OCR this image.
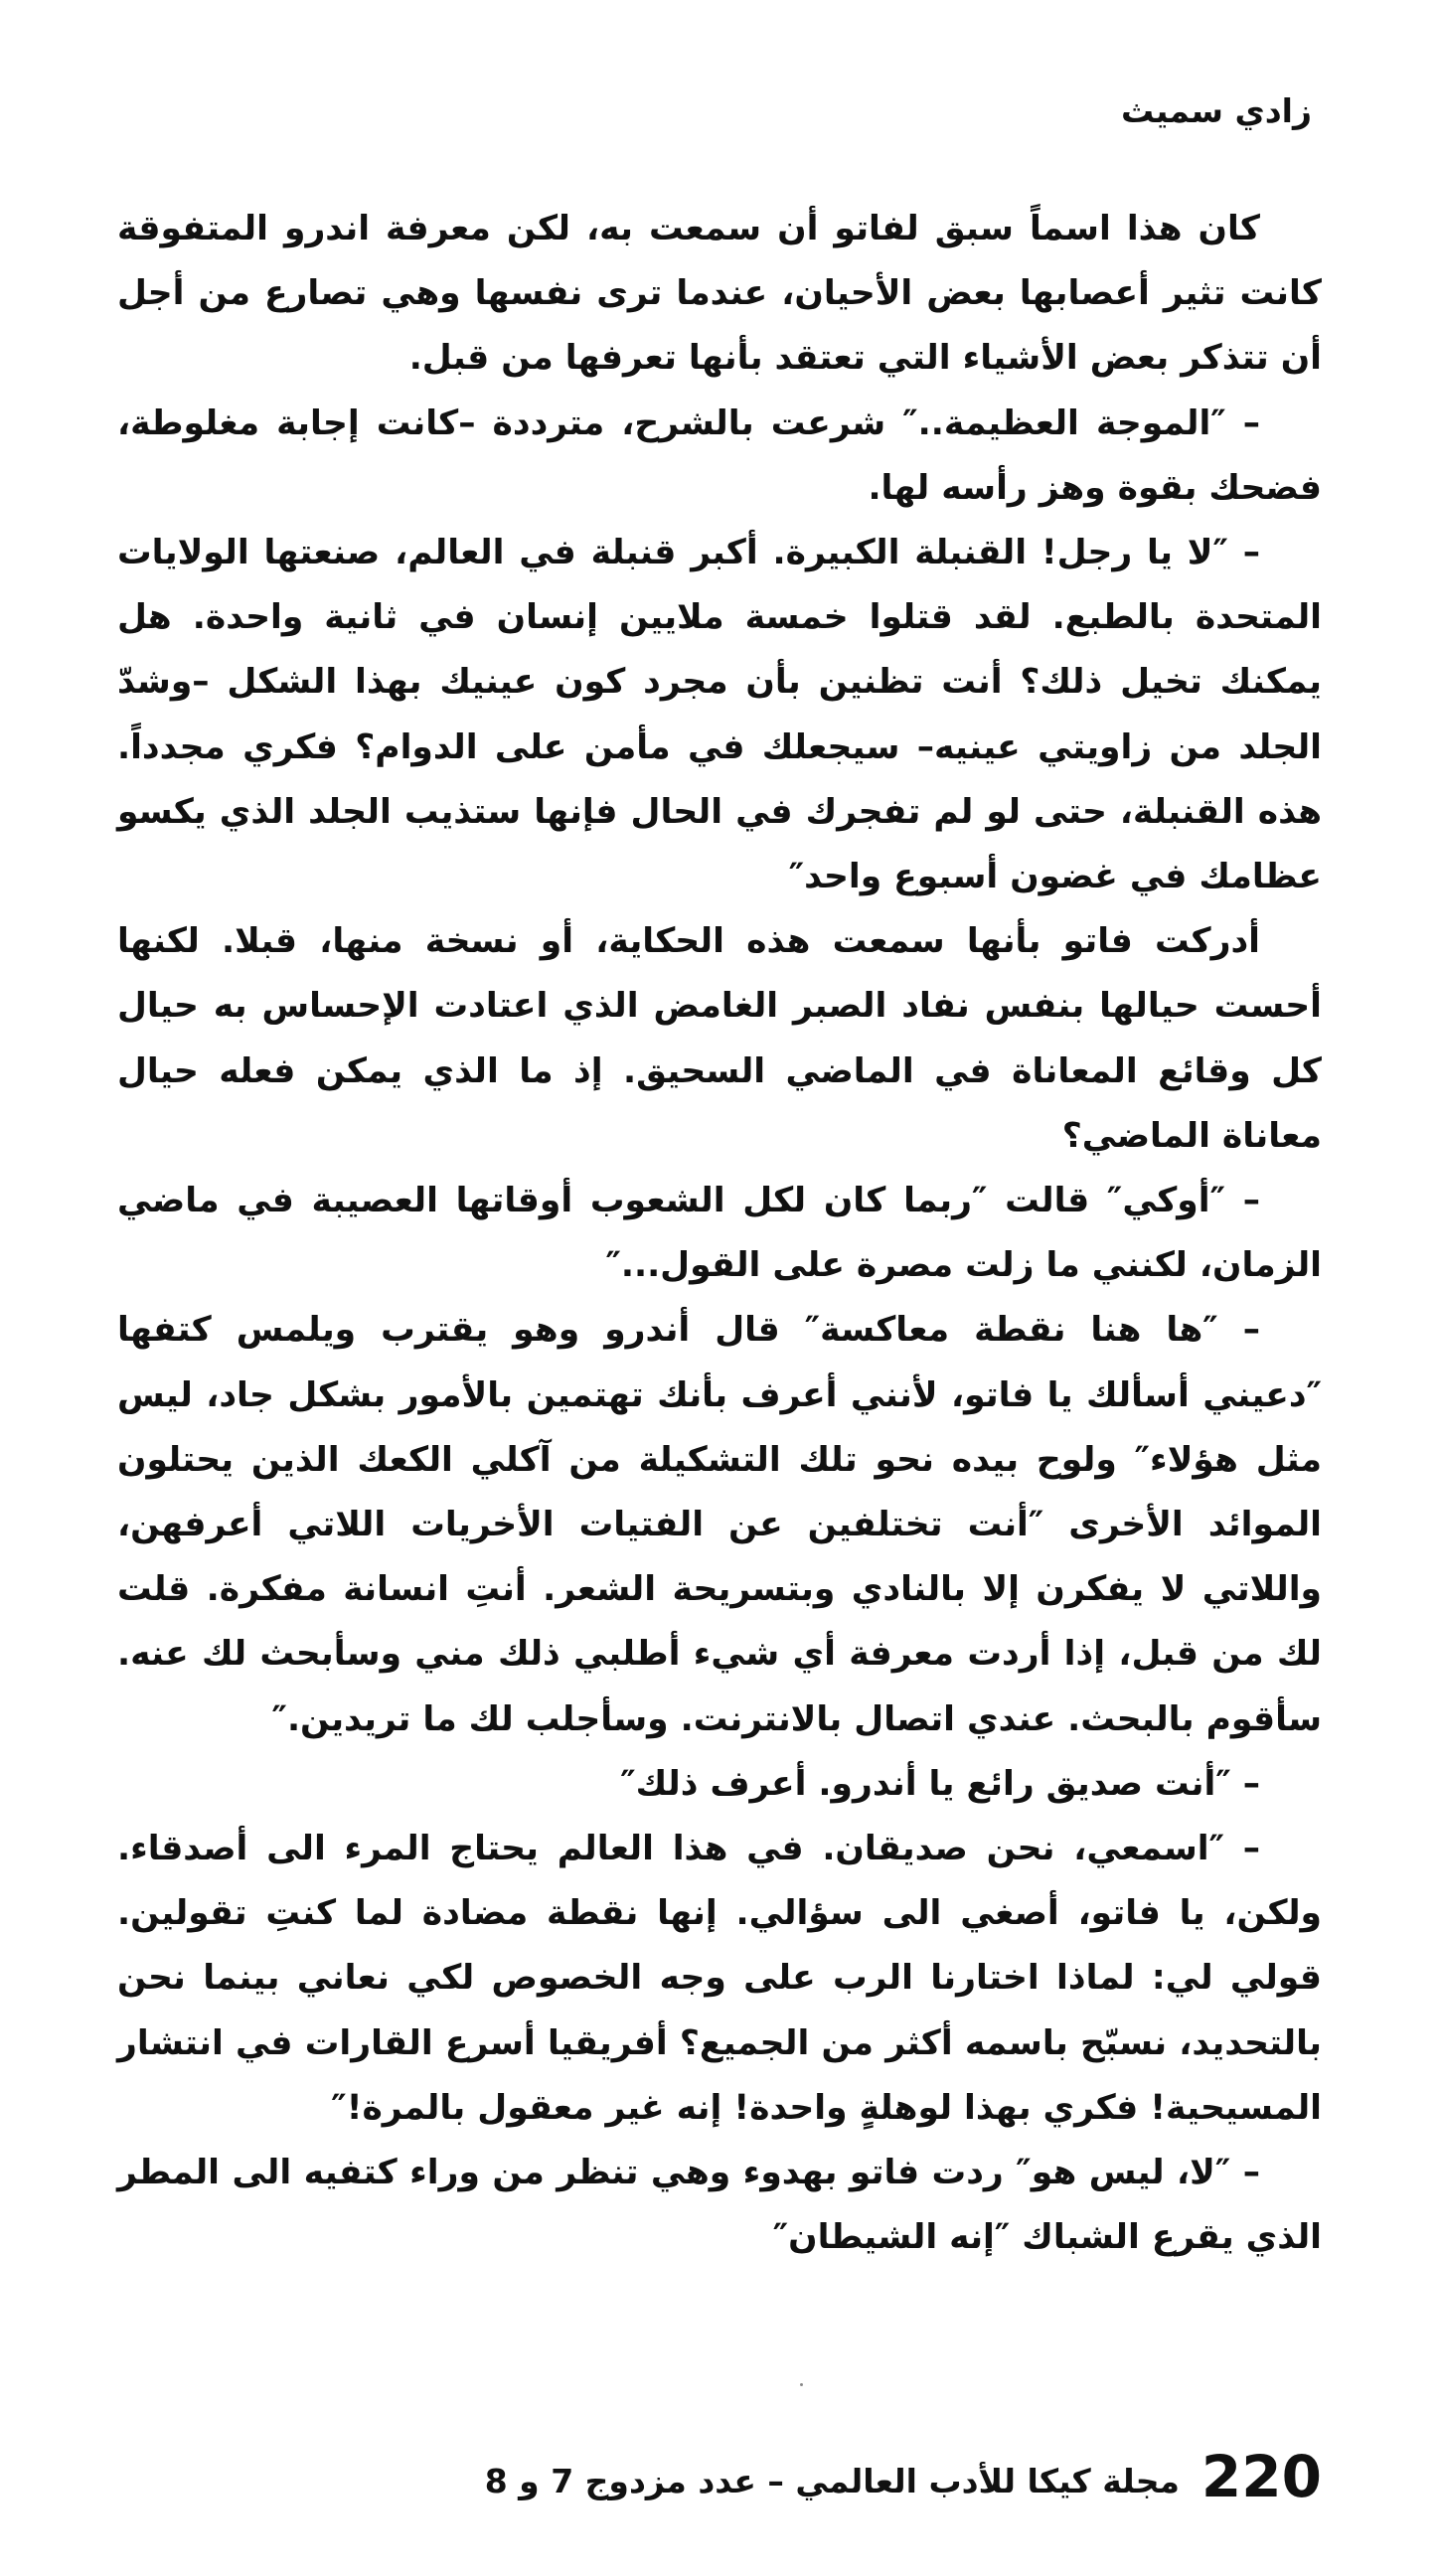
زادي سميث

كان هذا اسماً سبق لفاتو أن سمعت به، لكن معرفة اندرو المتفوقة كانت تثير أعصابها بعض الأحيان، عندما ترى نفسها وهي تصارع من أجل أن تتذكر بعض الأشياء التي تعتقد بأنها تعرفها من قبل.

– ″الموجة العظيمة..″ شرعت بالشرح، مترددة –كانت إجابة مغلوطة، فضحك بقوة وهز رأسه لها.

– ″لا يا رجل! القنبلة الكبيرة. أكبر قنبلة في العالم، صنعتها الولايات المتحدة بالطبع. لقد قتلوا خمسة ملايين إنسان في ثانية واحدة. هل يمكنك تخيل ذلك؟ أنت تظنين بأن مجرد كون عينيك بهذا الشكل –وشدّ الجلد من زاويتي عينيه– سيجعلك في مأمن على الدوام؟ فكري مجدداً. هذه القنبلة، حتى لو لم تفجرك في الحال فإنها ستذيب الجلد الذي يكسو عظامك في غضون أسبوع واحد″

أدركت فاتو بأنها سمعت هذه الحكاية، أو نسخة منها، قبلا. لكنها أحست حيالها بنفس نفاد الصبر الغامض الذي اعتادت الإحساس به حيال كل وقائع المعاناة في الماضي السحيق. إذ ما الذي يمكن فعله حيال معاناة الماضي؟

– ″أوكي″ قالت ″ربما كان لكل الشعوب أوقاتها العصيبة في ماضي الزمان، لكنني ما زلت مصرة على القول...″

– ″ها هنا نقطة معاكسة″ قال أندرو وهو يقترب ويلمس كتفها ″دعيني أسألك يا فاتو، لأنني أعرف بأنك تهتمين بالأمور بشكل جاد، ليس مثل هؤلاء″ ولوح بيده نحو تلك التشكيلة من آكلي الكعك الذين يحتلون الموائد الأخرى ″أنت تختلفين عن الفتيات الأخريات اللاتي أعرفهن، واللاتي لا يفكرن إلا بالنادي وبتسريحة الشعر. أنتِ انسانة مفكرة. قلت لك من قبل، إذا أردت معرفة أي شيء أطلبي ذلك مني وسأبحث لك عنه. سأقوم بالبحث. عندي اتصال بالانترنت. وسأجلب لك ما تريدين.″

– ″أنت صديق رائع يا أندرو. أعرف ذلك″

– ″اسمعي، نحن صديقان. في هذا العالم يحتاج المرء الى أصدقاء. ولكن، يا فاتو، أصغي الى سؤالي. إنها نقطة مضادة لما كنتِ تقولين. قولي لي: لماذا اختارنا الرب على وجه الخصوص لكي نعاني بينما نحن بالتحديد، نسبّح باسمه أكثر من الجميع؟ أفريقيا أسرع القارات في انتشار المسيحية! فكري بهذا لوهلةٍ واحدة! إنه غير معقول بالمرة!″

– ″لا، ليس هو″ ردت فاتو بهدوء وهي تنظر من وراء كتفيه الى المطر الذي يقرع الشباك ″إنه الشيطان″

220
مجلة كيكا للأدب العالمي – عدد مزدوج 7 و 8
